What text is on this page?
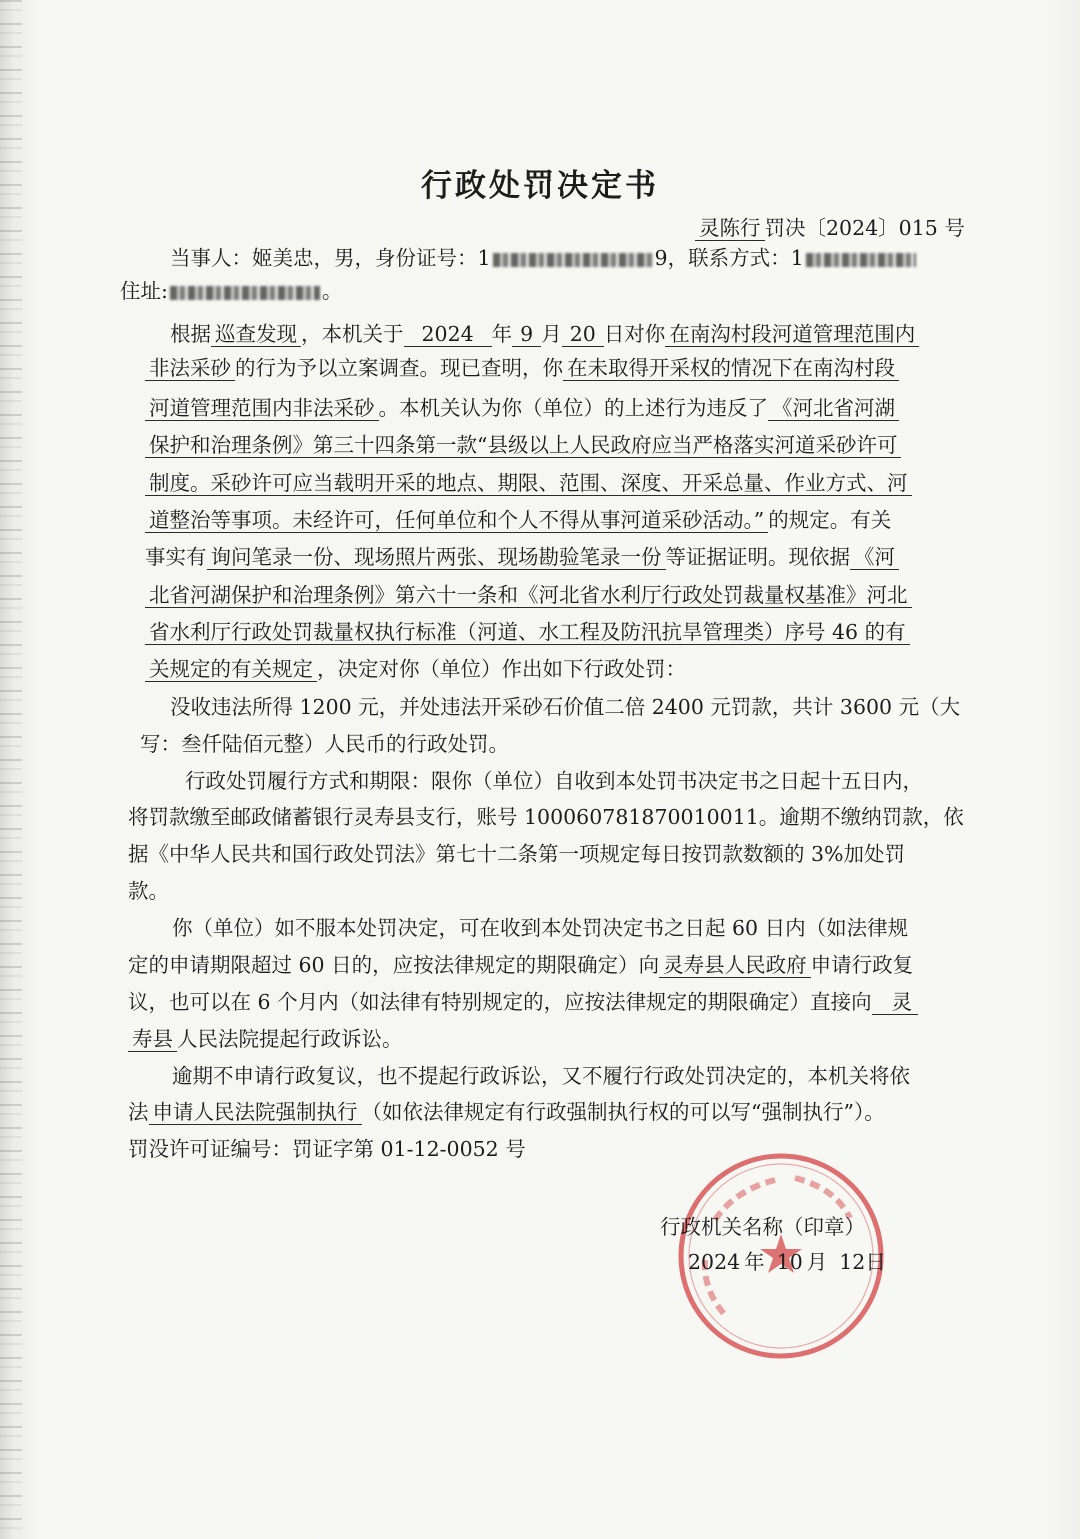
行政处罚决定书
灵陈行 罚决〔2024〕015 号
当事人：姬美忠，男，身份证号：1	9，联系方式：1
住址:	。
根据 巡查发现 ，本机关于 2024 年 9 月 20 日对你 在南沟村段河道管理范围内
非法采砂 的行为予以立案调查。现已查明，你 在未取得开采权的情况下在南沟村段
河道管理范围内非法采砂 。本机关认为你（单位）的上述行为违反了 《河北省河湖
保护和治理条例》第三十四条第一款“县级以上人民政府应当严格落实河道采砂许可
制度。采砂许可应当载明开采的地点、期限、范围、深度、开采总量、作业方式、河
道整治等事项。未经许可，任何单位和个人不得从事河道采砂活动。” 的规定。有关
事实有 询问笔录一份、现场照片两张、现场勘验笔录一份 等证据证明。现依据 《河
北省河湖保护和治理条例》第六十一条和《河北省水利厅行政处罚裁量权基准》河北
省水利厅行政处罚裁量权执行标准（河道、水工程及防汛抗旱管理类）序号 46 的有
关规定的有关规定 ，决定对你（单位）作出如下行政处罚：
没收违法所得 1200 元，并处违法开采砂石价值二倍 2400 元罚款，共计 3600 元（大
写：叁仟陆佰元整）人民币的行政处罚。
行政处罚履行方式和期限：限你（单位）自收到本处罚书决定书之日起十五日内，
将罚款缴至邮政储蓄银行灵寿县支行，账号 100060781870010011。逾期不缴纳罚款，依
据《中华人民共和国行政处罚法》第七十二条第一项规定每日按罚款数额的 3%加处罚
款。
你（单位）如不服本处罚决定，可在收到本处罚决定书之日起 60 日内（如法律规
定的申请期限超过 60 日的，应按法律规定的期限确定）向 灵寿县人民政府 申请行政复
议，也可以在 6 个月内（如法律有特别规定的，应按法律规定的期限确定）直接向 灵
寿县 人民法院提起行政诉讼。
逾期不申请行政复议，也不提起行政诉讼，又不履行行政处罚决定的，本机关将依
法 申请人民法院强制执行 （如依法律规定有行政强制执行权的可以写“强制执行”）。
罚没许可证编号：罚证字第 01-12-0052 号
行政机关名称（印章）
2024 年 10 月 12日
